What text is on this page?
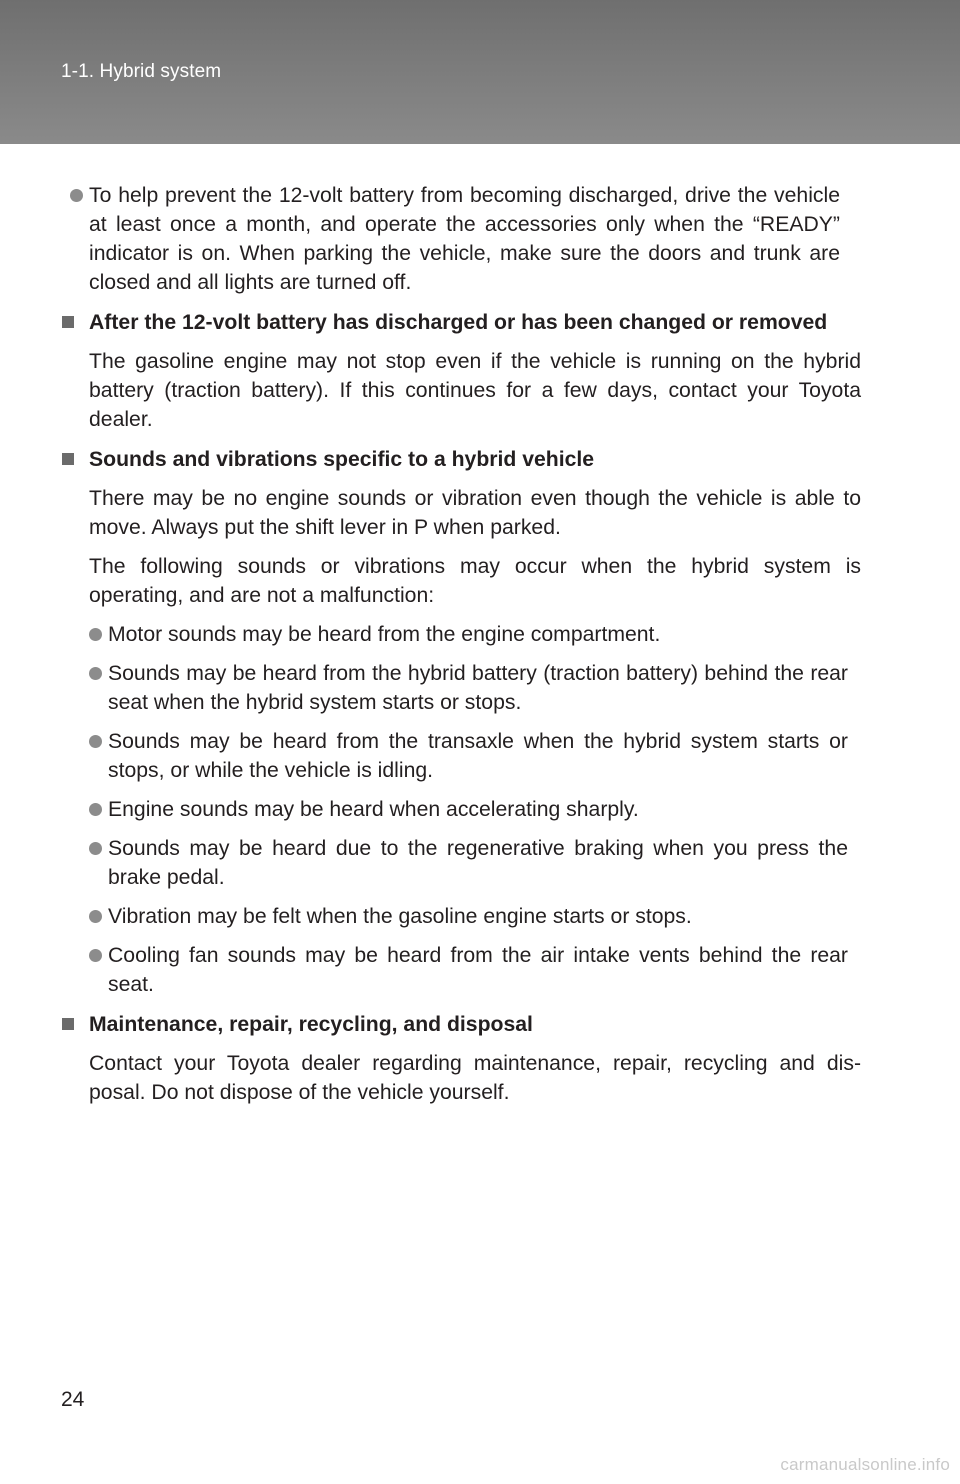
1-1. Hybrid system

To help prevent the 12-volt battery from becoming discharged, drive the vehicle at least once a month, and operate the accessories only when the “READY” indicator is on. When parking the vehicle, make sure the doors and trunk are closed and all lights are turned off.

After the 12-volt battery has discharged or has been changed or removed

The gasoline engine may not stop even if the vehicle is running on the hybrid battery (traction battery). If this continues for a few days, contact your Toyota dealer.

Sounds and vibrations specific to a hybrid vehicle

There may be no engine sounds or vibration even though the vehicle is able to move. Always put the shift lever in P when parked.

The following sounds or vibrations may occur when the hybrid system is operating, and are not a malfunction:

Motor sounds may be heard from the engine compartment.

Sounds may be heard from the hybrid battery (traction battery) behind the rear seat when the hybrid system starts or stops.

Sounds may be heard from the transaxle when the hybrid system starts or stops, or while the vehicle is idling.

Engine sounds may be heard when accelerating sharply.

Sounds may be heard due to the regenerative braking when you press the brake pedal.

Vibration may be felt when the gasoline engine starts or stops.

Cooling fan sounds may be heard from the air intake vents behind the rear seat.

Maintenance, repair, recycling, and disposal

Contact your Toyota dealer regarding maintenance, repair, recycling and dis-posal. Do not dispose of the vehicle yourself.

24
carmanualsonline.info
